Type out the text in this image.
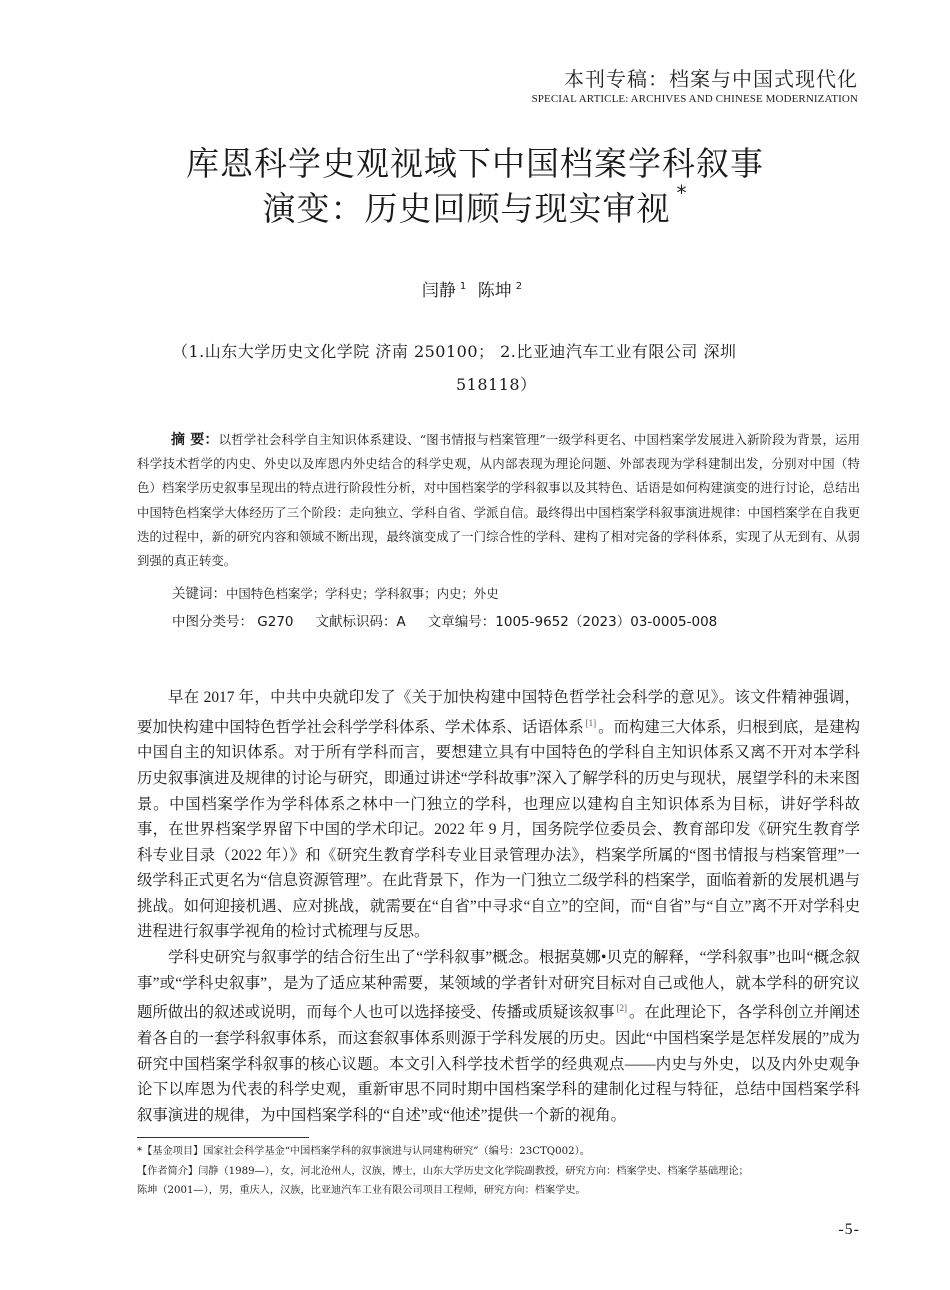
本刊专稿：档案与中国式现代化
SPECIAL ARTICLE: ARCHIVES AND CHINESE MODERNIZATION
库恩科学史观视域下中国档案学科叙事
演变：历史回顾与现实审视 *
闫静 $^1$ 陈坤 $^2$
（1.山东大学历史文化学院 济南 250100； 2.比亚迪汽车工业有限公司 深圳
518118）
摘 要：以哲学社会科学自主知识体系建设、“图书情报与档案管理”一级学科更名、中国档案学发展进入新阶段为背景，运用科学技术哲学的内史、外史以及库恩内外史结合的科学史观，从内部表现为理论问题、外部表现为学科建制出发，分别对中国（特色）档案学历史叙事呈现出的特点进行阶段性分析，对中国档案学的学科叙事以及其特色、话语是如何构建演变的进行讨论，总结出中国特色档案学大体经历了三个阶段：走向独立、学科自省、学派自信。最终得出中国档案学科叙事演进规律：中国档案学在自我更迭的过程中，新的研究内容和领域不断出现，最终演变成了一门综合性的学科、建构了相对完备的学科体系，实现了从无到有、从弱到强的真正转变。
关键词：中国特色档案学；学科史；学科叙事；内史；外史
中图分类号： G270 文献标识码：A 文章编号：1005-9652（2023）03-0005-008

早在 2017 年，中共中央就印发了《关于加快构建中国特色哲学社会科学的意见》。该文件精神强调，要加快构建中国特色哲学社会科学学科体系、学术体系、话语体系 [1] 。而构建三大体系，归根到底，是建构中国自主的知识体系。对于所有学科而言，要想建立具有中国特色的学科自主知识体系又离不开对本学科历史叙事演进及规律的讨论与研究，即通过讲述“学科故事”深入了解学科的历史与现状，展望学科的未来图景。中国档案学作为学科体系之林中一门独立的学科，也理应以建构自主知识体系为目标，讲好学科故事，在世界档案学界留下中国的学术印记。2022 年 9 月，国务院学位委员会、教育部印发《研究生教育学科专业目录（2022 年）》和《研究生教育学科专业目录管理办法》，档案学所属的“图书情报与档案管理”一级学科正式更名为“信息资源管理”。在此背景下，作为一门独立二级学科的档案学，面临着新的发展机遇与挑战。如何迎接机遇、应对挑战，就需要在“自省”中寻求“自立”的空间，而“自省”与“自立”离不开对学科史进程进行叙事学视角的检讨式梳理与反思。

学科史研究与叙事学的结合衍生出了“学科叙事”概念。根据莫娜•贝克的解释，“学科叙事”也叫“概念叙事”或“学科史叙事”，是为了适应某种需要，某领域的学者针对研究目标对自己或他人，就本学科的研究议题所做出的叙述或说明，而每个人也可以选择接受、传播或质疑该叙事 [2] 。在此理论下，各学科创立并阐述着各自的一套学科叙事体系，而这套叙事体系则源于学科发展的历史。因此“中国档案学是怎样发展的”成为研究中国档案学科叙事的核心议题。本文引入科学技术哲学的经典观点——内史与外史，以及内外史观争论下以库恩为代表的科学史观，重新审思不同时期中国档案学科的建制化过程与特征，总结中国档案学科叙事演进的规律，为中国档案学科的“自述”或“他述”提供一个新的视角。

*【基金项目】国家社会科学基金“中国档案学科的叙事演进与认同建构研究”（编号：23CTQ002）。

【作者简介】闫静（1989—），女，河北沧州人，汉族，博士，山东大学历史文化学院副教授，研究方向：档案学史、档案学基础理论；

陈坤（2001—），男，重庆人，汉族，比亚迪汽车工业有限公司项目工程师，研究方向：档案学史。

-5-
